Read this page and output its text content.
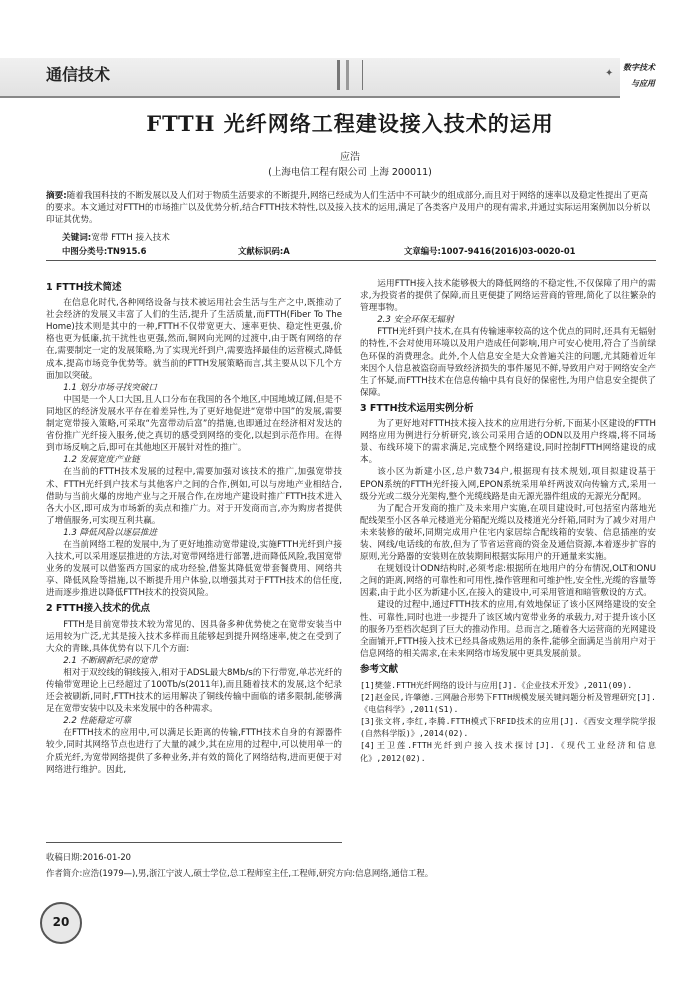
通信技术	✦
数字技术
与应用
FTTH 光纤网络工程建设接入技术的运用
应浩
(上海电信工程有限公司 上海 200011)
摘要:随着我国科技的不断发展以及人们对于物质生活要求的不断提升,网络已经成为人们生活中不可缺少的组成部分,而且对于网络的速率以及稳定性提出了更高的要求。本文通过对FTTH的市场推广以及优势分析,结合FTTH技术特性,以及接入技术的运用,满足了各类客户及用户的现有需求,并通过实际运用案例加以分析以印证其优势。
关键词:宽带 FTTH 接入技术
中图分类号:TN915.6	文献标识码:A	文章编号:1007-9416(2016)03-0020-01
1 FTTH技术简述

在信息化时代,各种网络设备与技术被运用社会生活与生产之中,既推动了社会经济的发展又丰富了人们的生活,提升了生活质量,而FTTH(Fiber To The Home)技术则是其中的一种,FTTH不仅带宽更大、速率更快、稳定性更强,价格也更为低廉,抗干扰性也更强,然而,铜网向光网的过渡中,由于既有网络的存在,需要制定一定的发展策略,为了实现光纤到户,需要选择最佳的运营模式,降低成本,提高市场竞争优势等。就当前的FTTH发展策略而言,其主要从以下几个方面加以突破。

1.1 划分市场寻找突破口

中国是一个人口大国,且人口分布在我国的各个地区,中国地域辽阔,但是不同地区的经济发展水平存在着差异性,为了更好地促进“宽带中国”的发展,需要制定宽带接入策略,可采取“先富带动后富”的措施,也即通过在经济相对发达的省份推广光纤接入服务,使之真切的感受到网络的变化,以起到示范作用。在得到市场反响之后,即可在其他地区开展针对性的推广。

1.2 发展宽度产业链

在当前的FTTH技术发展的过程中,需要加强对该技术的推广,加强宽带技术、FTTH光纤到户技术与其他客户之间的合作,例如,可以与房地产业相结合,借助与当前火爆的房地产业与之开展合作,在房地产建设时推广FTTH技术进入各大小区,即可成为市场新的卖点和推广力。对于开发商而言,亦为购房者提供了增值服务,可实现互利共赢。

1.3 降低风险以逐层推进

在当前网络工程的发展中,为了更好地推动宽带建设,实施FTTH光纤到户接入技术,可以采用逐层推进的方法,对宽带网络进行部署,进而降低风险,我国宽带业务的发展可以借鉴西方国家的成功经验,借鉴其降低宽带套餐费用、网络共享、降低风险等措施,以不断提升用户体验,以增强其对于FTTH技术的信任度,进而逐步推进以降低FTTH技术的投资风险。

2 FTTH接入技术的优点

FTTH是目前宽带技术较为常见的、因具备多种优势使之在宽带安装当中运用较为广泛,尤其是接入技术多样而且能够起到提升网络速率,使之在受到了大众的青睐,具体优势有以下几个方面:

2.1 不断刷新纪录的宽带

相对于双绞线的铜线接入,相对于ADSL最大8Mb/s的下行带宽,单芯光纤的传输带宽理论上已经超过了100Tb/s(2011年),而且随着技术的发展,这个纪录还会被刷新,同时,FTTH技术的运用解决了铜线传输中面临的诸多限制,能够满足在宽带安装中以及未来发展中的各种需求。

2.2 性能稳定可靠

在FTTH技术的应用中,可以满足长距离的传输,FTTH技术自身的有源器件较少,同时其网络节点也进行了大量的减少,其在应用的过程中,可以使用单一的介质光纤,为宽带网络提供了多种业务,并有效的简化了网络结构,进而更便于对网络进行维护。因此,

运用FTTH接入技术能够极大的降低网络的不稳定性,不仅保障了用户的需求,为投资者的提供了保障,而且更便捷了网络运营商的管理,简化了以往繁杂的管理事物。

2.3 安全环保无辐射

FTTH光纤到户技术,在具有传输速率较高的这个优点的同时,还具有无辐射的特性,不会对使用环境以及用户造成任何影响,用户可安心使用,符合了当前绿色环保的消费理念。此外,个人信息安全是大众普遍关注的问题,尤其随着近年来因个人信息被盗窃而导致经济损失的事件屡见不鲜,导致用户对于网络安全产生了怀疑,而FTTH技术在信息传输中具有良好的保密性,为用户信息安全提供了保障。

3 FTTH技术运用实例分析

为了更好地对FTTH技术接入技术的应用进行分析,下面某小区建设的FTTH网络应用为例进行分析研究,该公司采用合适的ODN以及用户终端,将不同场景、布线环境下的需求满足,完成整个网络建设,同时控制FTTH网络建设的成本。

该小区为新建小区,总户数734户,根据现有技术规划,项目拟建设基于EPON系统的FTTH光纤接入网,EPON系统采用单纤两波双向传输方式,采用一级分光或二级分光架构,整个光缆线路是由无源光器件组成的无源光分配网。

为了配合开发商的推广及未来用户实施,在项目建设时,可包括室内落地光配线架至小区各单元楼道光分箱配光缆以及楼道光分纤箱,同时为了减少对用户未来装修的破坏,同期完成用户住宅内家居综合配线箱的安装、信息插座的安装、网线/电话线的布放,但为了节省运营商的资金及通信资源,本着逐步扩容的原则,光分路器的安装则在放装期间根据实际用户的开通量来实施。

在规划设计ODN结构时,必须考虑:根据所在地用户的分布情况,OLT和ONU之间的距离,网络的可靠性和可用性,操作管理和可维护性,安全性,光缆的容量等因素,由于此小区为新建小区,在接入的建设中,可采用管道和暗管敷设的方式。

建设的过程中,通过FTTH技术的应用,有效地保证了该小区网络建设的安全性、可靠性,同时也进一步提升了该区域内宽带业务的承载力,对于提升该小区的服务乃至档次起到了巨大的推动作用。总而言之,随着各大运营商的光网建设全面铺开,FTTH接入技术已经具备成熟运用的条件,能够全面满足当前用户对于信息网络的相关需求,在未来网络市场发展中更具发展前景。

参考文献

[1]樊蓥.FTTH光纤网络的设计与应用[J].《企业技术开发》,2011(09).

[2]赵金民,许肇德.三网融合形势下FTTH规模发展关键问题分析及管理研究[J].《电信科学》,2011(S1).

[3]张文将,李红,李腾.FTTH模式下RFID技术的应用[J].《西安文理学院学报(自然科学版)》,2014(02).

[4]王卫莲.FTTH光纤到户接入技术探讨[J].《现代工业经济和信息化》,2012(02).

收稿日期:2016-01-20
作者简介:应浩(1979—),男,浙江宁波人,硕士学位,总工程师室主任,工程师,研究方向:信息网络,通信工程。
20
